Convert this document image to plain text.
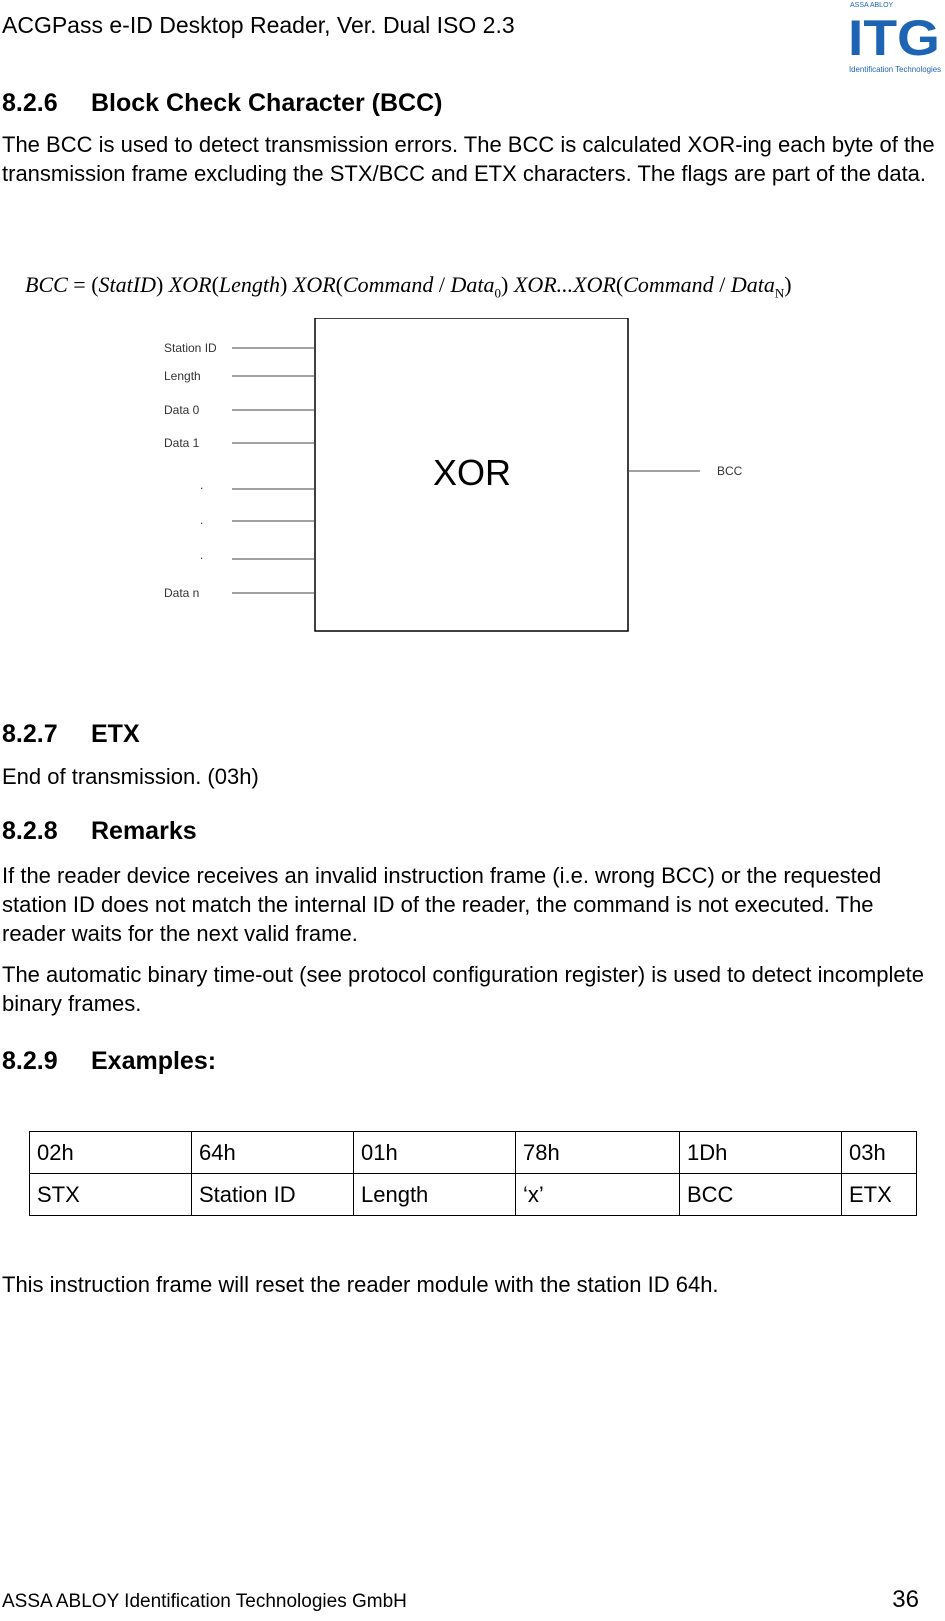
ACGPass e-ID Desktop Reader, Ver. Dual ISO 2.3
ASSA ABLOY
ITG
Identification Technologies
8.2.6 Block Check Character (BCC)

The BCC is used to detect transmission errors. The BCC is calculated XOR-ing each byte of the transmission frame excluding the STX/BCC and ETX characters. The flags are part of the data.

BCC = (StatID) XOR(Length) XOR(Command / Data$_0$) XOR...XOR(Command / Data$_N$)
XOR
Station ID
Length
Data 0
Data 1
.
.
.
Data n
BCC
8.2.7 ETX

End of transmission. (03h)

8.2.8 Remarks

If the reader device receives an invalid instruction frame (i.e. wrong BCC) or the requested station ID does not match the internal ID of the reader, the command is not executed. The reader waits for the next valid frame.

The automatic binary time-out (see protocol configuration register) is used to detect incomplete binary frames.

8.2.9 Examples:
02h	64h	01h	78h	1Dh	03h
STX	Station ID	Length	‘x’	BCC	ETX

This instruction frame will reset the reader module with the station ID 64h.

ASSA ABLOY Identification Technologies GmbH	36
